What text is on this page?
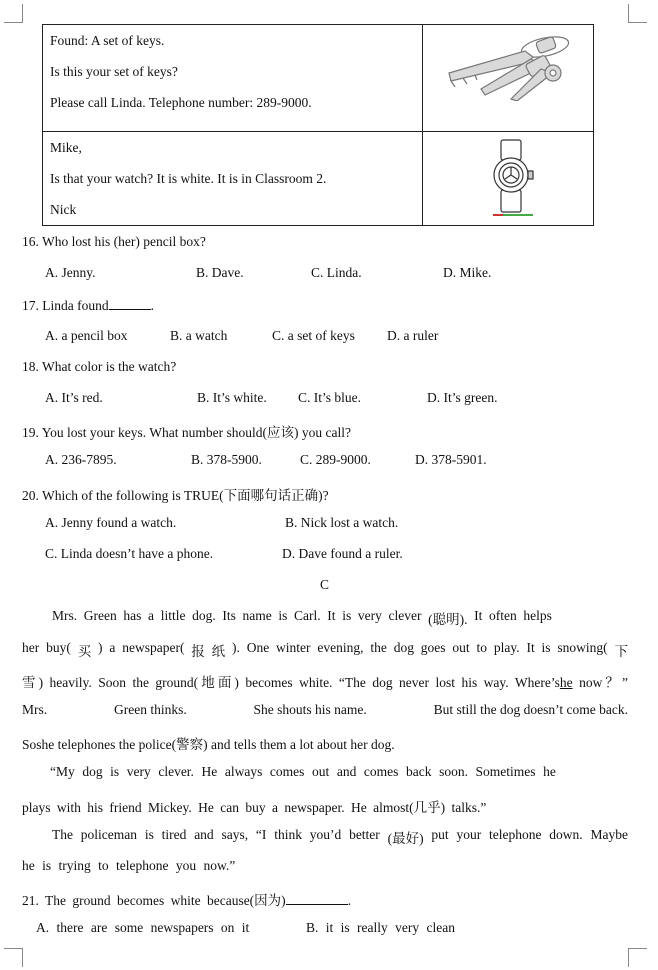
Found: A set of keys.
Is this your set of keys?
Please call Linda. Telephone number: 289-9000.

Mike,
Is that your watch? It is white. It is in Classroom 2.
Nick

16. Who lost his (her) pencil box?
A. Jenny.	B. Dave.	C. Linda.	D. Mike.
17. Linda found	.
A. a pencil box	B. a watch	C. a set of keys D. a ruler
18. What color is the watch?
A. It’s red.	B. It’s white. C. It’s blue.	D. It’s green.
19. You lost your keys. What number should(应该) you call?
A. 236-7895.	B. 378-5900.	C. 289-9000.	D. 378-5901.
20. Which of the following is TRUE(下面哪句话正确)?
A. Jenny found a watch.	B. Nick lost a watch.
C. Linda doesn’t have a phone.	D. Dave found a ruler.
C
Mrs. Green has a little dog. Its name is Carl. It is very clever (聪明). It often helps
her buy( 买 ) a newspaper( 报 纸 ). One winter evening, the dog goes out to play. It is snowing( 下
雪) heavily. Soon the ground(地面) becomes white. “The dog never lost his way. Where’she now？”
Mrs.	Green thinks.	She shouts his name.	But still the dog doesn’t come back.
Soshe telephones the police(警察) and tells them a lot about her dog.
“My dog is very clever. He always comes out and comes back soon. Sometimes he
plays with his friend Mickey. He can buy a newspaper. He almost(几乎) talks.”
The policeman is tired and says, “I think you’d better (最好) put your telephone down. Maybe
he is trying to telephone you now.”
21. The ground becomes white because(因为)	.
A. there are some newspapers on it	B. it is really very clean
